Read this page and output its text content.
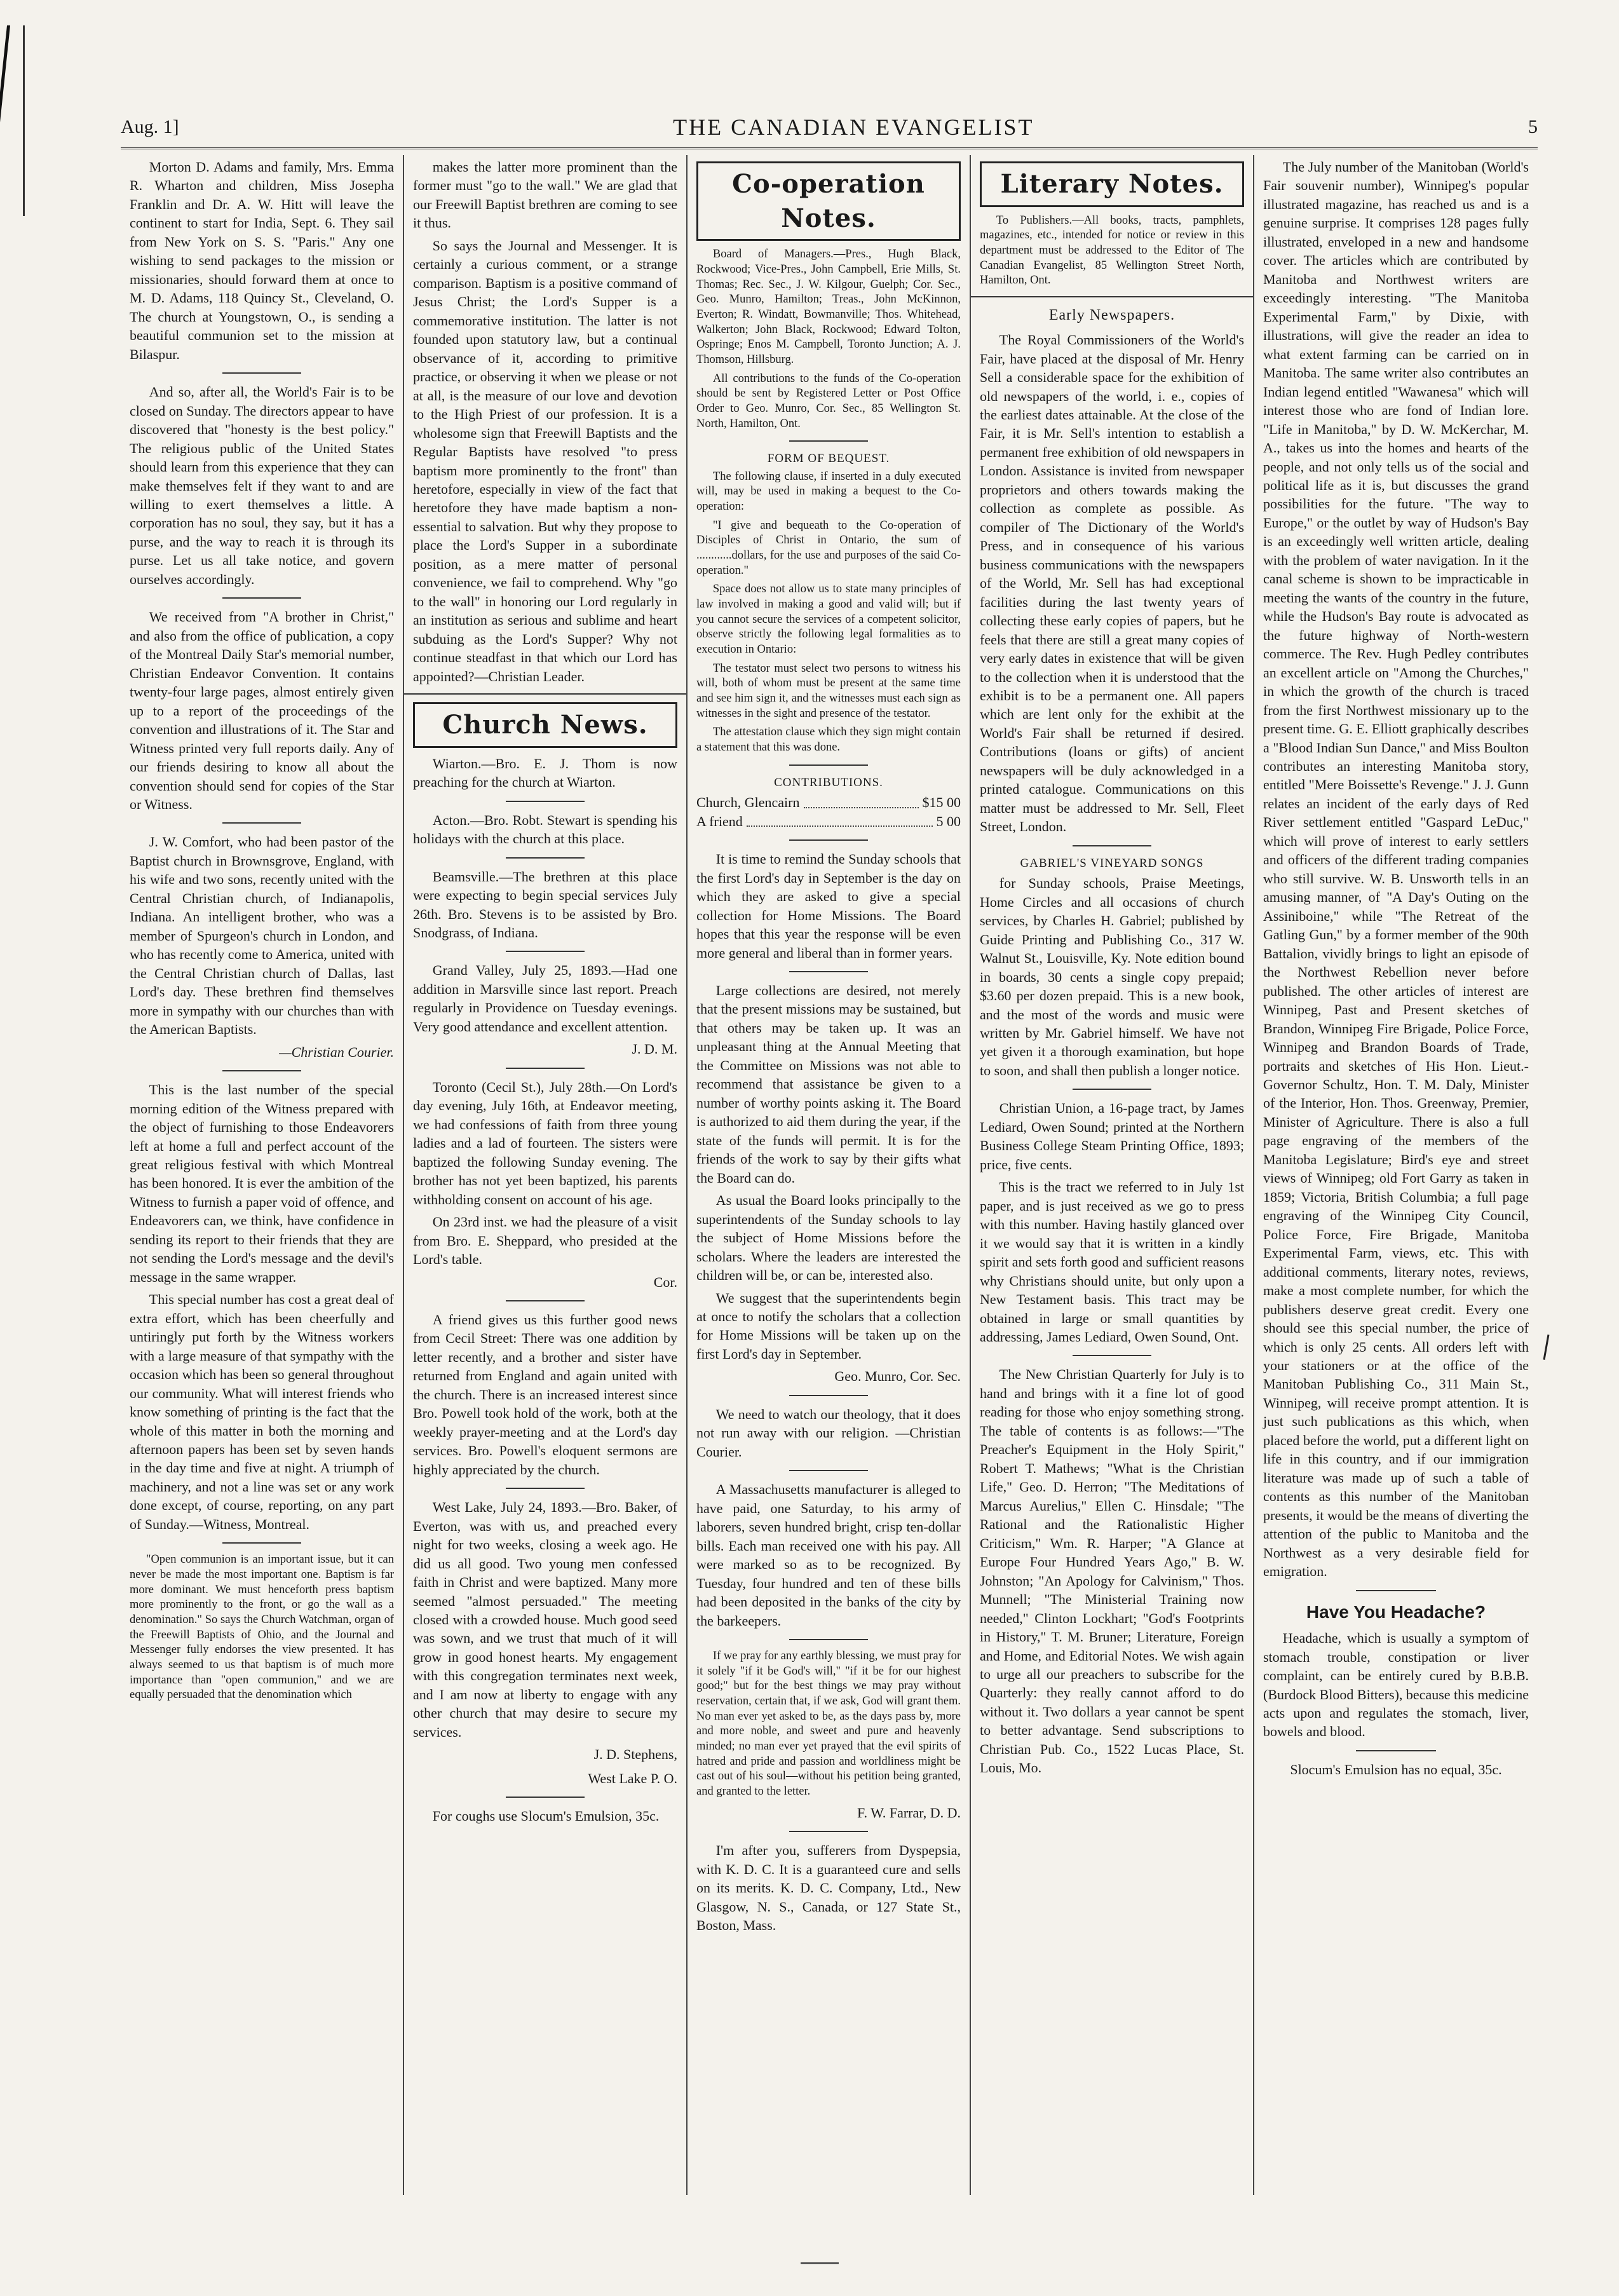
Aug. 1]	THE CANADIAN EVANGELIST	5

Morton D. Adams and family, Mrs. Emma R. Wharton and children, Miss Josepha Franklin and Dr. A. W. Hitt will leave the continent to start for India, Sept. 6. They sail from New York on S. S. "Paris." Any one wishing to send packages to the mission or missionaries, should forward them at once to M. D. Adams, 118 Quincy St., Cleveland, O. The church at Youngstown, O., is sending a beautiful communion set to the mission at Bilaspur.

And so, after all, the World's Fair is to be closed on Sunday. The directors appear to have discovered that "honesty is the best policy." The religious public of the United States should learn from this experience that they can make themselves felt if they want to and are willing to exert themselves a little. A corporation has no soul, they say, but it has a purse, and the way to reach it is through its purse. Let us all take notice, and govern ourselves accordingly.

We received from "A brother in Christ," and also from the office of publication, a copy of the Montreal Daily Star's memorial number, Christian Endeavor Convention. It contains twenty-four large pages, almost entirely given up to a report of the proceedings of the convention and illustrations of it. The Star and Witness printed very full reports daily. Any of our friends desiring to know all about the convention should send for copies of the Star or Witness.

J. W. Comfort, who had been pastor of the Baptist church in Brownsgrove, England, with his wife and two sons, recently united with the Central Christian church, of Indianapolis, Indiana. An intelligent brother, who was a member of Spurgeon's church in London, and who has recently come to America, united with the Central Christian church of Dallas, last Lord's day. These brethren find themselves more in sympathy with our churches than with the American Baptists.

—Christian Courier.

This is the last number of the special morning edition of the Witness prepared with the object of furnishing to those Endeavorers left at home a full and perfect account of the great religious festival with which Montreal has been honored. It is ever the ambition of the Witness to furnish a paper void of offence, and Endeavorers can, we think, have confidence in sending its report to their friends that they are not sending the Lord's message and the devil's message in the same wrapper.

This special number has cost a great deal of extra effort, which has been cheerfully and untiringly put forth by the Witness workers with a large measure of that sympathy with the occasion which has been so general throughout our community. What will interest friends who know something of printing is the fact that the whole of this matter in both the morning and afternoon papers has been set by seven hands in the day time and five at night. A triumph of machinery, and not a line was set or any work done except, of course, reporting, on any part of Sunday.—Witness, Montreal.

"Open communion is an important issue, but it can never be made the most important one. Baptism is far more dominant. We must henceforth press baptism more prominently to the front, or go the wall as a denomination." So says the Church Watchman, organ of the Freewill Baptists of Ohio, and the Journal and Messenger fully endorses the view presented. It has always seemed to us that baptism is of much more importance than "open communion," and we are equally persuaded that the denomination which

makes the latter more prominent than the former must "go to the wall." We are glad that our Freewill Baptist brethren are coming to see it thus.

So says the Journal and Messenger. It is certainly a curious comment, or a strange comparison. Baptism is a positive command of Jesus Christ; the Lord's Supper is a commemorative institution. The latter is not founded upon statutory law, but a continual observance of it, according to primitive practice, or observing it when we please or not at all, is the measure of our love and devotion to the High Priest of our profession. It is a wholesome sign that Freewill Baptists and the Regular Baptists have resolved "to press baptism more prominently to the front" than heretofore, especially in view of the fact that heretofore they have made baptism a non-essential to salvation. But why they propose to place the Lord's Supper in a subordinate position, as a mere matter of personal convenience, we fail to comprehend. Why "go to the wall" in honoring our Lord regularly in an institution as serious and sublime and heart subduing as the Lord's Supper? Why not continue steadfast in that which our Lord has appointed?—Christian Leader.

Church News.

Wiarton.—Bro. E. J. Thom is now preaching for the church at Wiarton.

Acton.—Bro. Robt. Stewart is spending his holidays with the church at this place.

Beamsville.—The brethren at this place were expecting to begin special services July 26th. Bro. Stevens is to be assisted by Bro. Snodgrass, of Indiana.

Grand Valley, July 25, 1893.—Had one addition in Marsville since last report. Preach regularly in Providence on Tuesday evenings. Very good attendance and excellent attention.

J. D. M.

Toronto (Cecil St.), July 28th.—On Lord's day evening, July 16th, at Endeavor meeting, we had confessions of faith from three young ladies and a lad of fourteen. The sisters were baptized the following Sunday evening. The brother has not yet been baptized, his parents withholding consent on account of his age.

On 23rd inst. we had the pleasure of a visit from Bro. E. Sheppard, who presided at the Lord's table.

Cor.

A friend gives us this further good news from Cecil Street: There was one addition by letter recently, and a brother and sister have returned from England and again united with the church. There is an increased interest since Bro. Powell took hold of the work, both at the weekly prayer-meeting and at the Lord's day services. Bro. Powell's eloquent sermons are highly appreciated by the church.

West Lake, July 24, 1893.—Bro. Baker, of Everton, was with us, and preached every night for two weeks, closing a week ago. He did us all good. Two young men confessed faith in Christ and were baptized. Many more seemed "almost persuaded." The meeting closed with a crowded house. Much good seed was sown, and we trust that much of it will grow in good honest hearts. My engagement with this congregation terminates next week, and I am now at liberty to engage with any other church that may desire to secure my services.

J. D. Stephens,

West Lake P. O.

For coughs use Slocum's Emulsion, 35c.

Co-operation Notes.

Board of Managers.—Pres., Hugh Black, Rockwood; Vice-Pres., John Campbell, Erie Mills, St. Thomas; Rec. Sec., J. W. Kilgour, Guelph; Cor. Sec., Geo. Munro, Hamilton; Treas., John McKinnon, Everton; R. Windatt, Bowmanville; Thos. Whitehead, Walkerton; John Black, Rockwood; Edward Tolton, Ospringe; Enos M. Campbell, Toronto Junction; A. J. Thomson, Hillsburg.

All contributions to the funds of the Co-operation should be sent by Registered Letter or Post Office Order to Geo. Munro, Cor. Sec., 85 Wellington St. North, Hamilton, Ont.

FORM OF BEQUEST.

The following clause, if inserted in a duly executed will, may be used in making a bequest to the Co-operation:

"I give and bequeath to the Co-operation of Disciples of Christ in Ontario, the sum of ............dollars, for the use and purposes of the said Co-operation."

Space does not allow us to state many principles of law involved in making a good and valid will; but if you cannot secure the services of a competent solicitor, observe strictly the following legal formalities as to execution in Ontario:

The testator must select two persons to witness his will, both of whom must be present at the same time and see him sign it, and the witnesses must each sign as witnesses in the sight and presence of the testator.

The attestation clause which they sign might contain a statement that this was done.

CONTRIBUTIONS.
Church, Glencairn	$15 00
A friend	5 00

It is time to remind the Sunday schools that the first Lord's day in September is the day on which they are asked to give a special collection for Home Missions. The Board hopes that this year the response will be even more general and liberal than in former years.

Large collections are desired, not merely that the present missions may be sustained, but that others may be taken up. It was an unpleasant thing at the Annual Meeting that the Committee on Missions was not able to recommend that assistance be given to a number of worthy points asking it. The Board is authorized to aid them during the year, if the state of the funds will permit. It is for the friends of the work to say by their gifts what the Board can do.

As usual the Board looks principally to the superintendents of the Sunday schools to lay the subject of Home Missions before the scholars. Where the leaders are interested the children will be, or can be, interested also.

We suggest that the superintendents begin at once to notify the scholars that a collection for Home Missions will be taken up on the first Lord's day in September.

Geo. Munro, Cor. Sec.

We need to watch our theology, that it does not run away with our religion. —Christian Courier.

A Massachusetts manufacturer is alleged to have paid, one Saturday, to his army of laborers, seven hundred bright, crisp ten-dollar bills. Each man received one with his pay. All were marked so as to be recognized. By Tuesday, four hundred and ten of these bills had been deposited in the banks of the city by the barkeepers.

If we pray for any earthly blessing, we must pray for it solely "if it be God's will," "if it be for our highest good;" but for the best things we may pray without reservation, certain that, if we ask, God will grant them. No man ever yet asked to be, as the days pass by, more and more noble, and sweet and pure and heavenly minded; no man ever yet prayed that the evil spirits of hatred and pride and passion and worldliness might be cast out of his soul—without his petition being granted, and granted to the letter.

F. W. Farrar, D. D.

I'm after you, sufferers from Dyspepsia, with K. D. C. It is a guaranteed cure and sells on its merits. K. D. C. Company, Ltd., New Glasgow, N. S., Canada, or 127 State St., Boston, Mass.

Literary Notes.

To Publishers.—All books, tracts, pamphlets, magazines, etc., intended for notice or review in this department must be addressed to the Editor of The Canadian Evangelist, 85 Wellington Street North, Hamilton, Ont.

Early Newspapers.

The Royal Commissioners of the World's Fair, have placed at the disposal of Mr. Henry Sell a considerable space for the exhibition of old newspapers of the world, i. e., copies of the earliest dates attainable. At the close of the Fair, it is Mr. Sell's intention to establish a permanent free exhibition of old newspapers in London. Assistance is invited from newspaper proprietors and others towards making the collection as complete as possible. As compiler of The Dictionary of the World's Press, and in consequence of his various business communications with the newspapers of the World, Mr. Sell has had exceptional facilities during the last twenty years of collecting these early copies of papers, but he feels that there are still a great many copies of very early dates in existence that will be given to the collection when it is understood that the exhibit is to be a permanent one. All papers which are lent only for the exhibit at the World's Fair shall be returned if desired. Contributions (loans or gifts) of ancient newspapers will be duly acknowledged in a printed catalogue. Communications on this matter must be addressed to Mr. Sell, Fleet Street, London.

GABRIEL'S VINEYARD SONGS

for Sunday schools, Praise Meetings, Home Circles and all occasions of church services, by Charles H. Gabriel; published by Guide Printing and Publishing Co., 317 W. Walnut St., Louisville, Ky. Note edition bound in boards, 30 cents a single copy prepaid; $3.60 per dozen prepaid. This is a new book, and the most of the words and music were written by Mr. Gabriel himself. We have not yet given it a thorough examination, but hope to soon, and shall then publish a longer notice.

Christian Union, a 16-page tract, by James Lediard, Owen Sound; printed at the Northern Business College Steam Printing Office, 1893; price, five cents.

This is the tract we referred to in July 1st paper, and is just received as we go to press with this number. Having hastily glanced over it we would say that it is written in a kindly spirit and sets forth good and sufficient reasons why Christians should unite, but only upon a New Testament basis. This tract may be obtained in large or small quantities by addressing, James Lediard, Owen Sound, Ont.

The New Christian Quarterly for July is to hand and brings with it a fine lot of good reading for those who enjoy something strong. The table of contents is as follows:—"The Preacher's Equipment in the Holy Spirit," Robert T. Mathews; "What is the Christian Life," Geo. D. Herron; "The Meditations of Marcus Aurelius," Ellen C. Hinsdale; "The Rational and the Rationalistic Higher Criticism," Wm. R. Harper; "A Glance at Europe Four Hundred Years Ago," B. W. Johnston; "An Apology for Calvinism," Thos. Munnell; "The Ministerial Training now needed," Clinton Lockhart; "God's Footprints in History," T. M. Bruner; Literature, Foreign and Home, and Editorial Notes. We wish again to urge all our preachers to subscribe for the Quarterly: they really cannot afford to do without it. Two dollars a year cannot be spent to better advantage. Send subscriptions to Christian Pub. Co., 1522 Lucas Place, St. Louis, Mo.

The July number of the Manitoban (World's Fair souvenir number), Winnipeg's popular illustrated magazine, has reached us and is a genuine surprise. It comprises 128 pages fully illustrated, enveloped in a new and handsome cover. The articles which are contributed by Manitoba and Northwest writers are exceedingly interesting. "The Manitoba Experimental Farm," by Dixie, with illustrations, will give the reader an idea to what extent farming can be carried on in Manitoba. The same writer also contributes an Indian legend entitled "Wawanesa" which will interest those who are fond of Indian lore. "Life in Manitoba," by D. W. McKerchar, M. A., takes us into the homes and hearts of the people, and not only tells us of the social and political life as it is, but discusses the grand possibilities for the future. "The way to Europe," or the outlet by way of Hudson's Bay is an exceedingly well written article, dealing with the problem of water navigation. In it the canal scheme is shown to be impracticable in meeting the wants of the country in the future, while the Hudson's Bay route is advocated as the future highway of North-western commerce. The Rev. Hugh Pedley contributes an excellent article on "Among the Churches," in which the growth of the church is traced from the first Northwest missionary up to the present time. G. E. Elliott graphically describes a "Blood Indian Sun Dance," and Miss Boulton contributes an interesting Manitoba story, entitled "Mere Boissette's Revenge." J. J. Gunn relates an incident of the early days of Red River settlement entitled "Gaspard LeDuc," which will prove of interest to early settlers and officers of the different trading companies who still survive. W. B. Unsworth tells in an amusing manner, of "A Day's Outing on the Assiniboine," while "The Retreat of the Gatling Gun," by a former member of the 90th Battalion, vividly brings to light an episode of the Northwest Rebellion never before published. The other articles of interest are Winnipeg, Past and Present sketches of Brandon, Winnipeg Fire Brigade, Police Force, Winnipeg and Brandon Boards of Trade, portraits and sketches of His Hon. Lieut.-Governor Schultz, Hon. T. M. Daly, Minister of the Interior, Hon. Thos. Greenway, Premier, Minister of Agriculture. There is also a full page engraving of the members of the Manitoba Legislature; Bird's eye and street views of Winnipeg; old Fort Garry as taken in 1859; Victoria, British Columbia; a full page engraving of the Winnipeg City Council, Police Force, Fire Brigade, Manitoba Experimental Farm, views, etc. This with additional comments, literary notes, reviews, make a most complete number, for which the publishers deserve great credit. Every one should see this special number, the price of which is only 25 cents. All orders left with your stationers or at the office of the Manitoban Publishing Co., 311 Main St., Winnipeg, will receive prompt attention. It is just such publications as this which, when placed before the world, put a different light on life in this country, and if our immigration literature was made up of such a table of contents as this number of the Manitoban presents, it would be the means of diverting the attention of the public to Manitoba and the Northwest as a very desirable field for emigration.

Have You Headache?

Headache, which is usually a symptom of stomach trouble, constipation or liver complaint, can be entirely cured by B.B.B. (Burdock Blood Bitters), because this medicine acts upon and regulates the stomach, liver, bowels and blood.

Slocum's Emulsion has no equal, 35c.
